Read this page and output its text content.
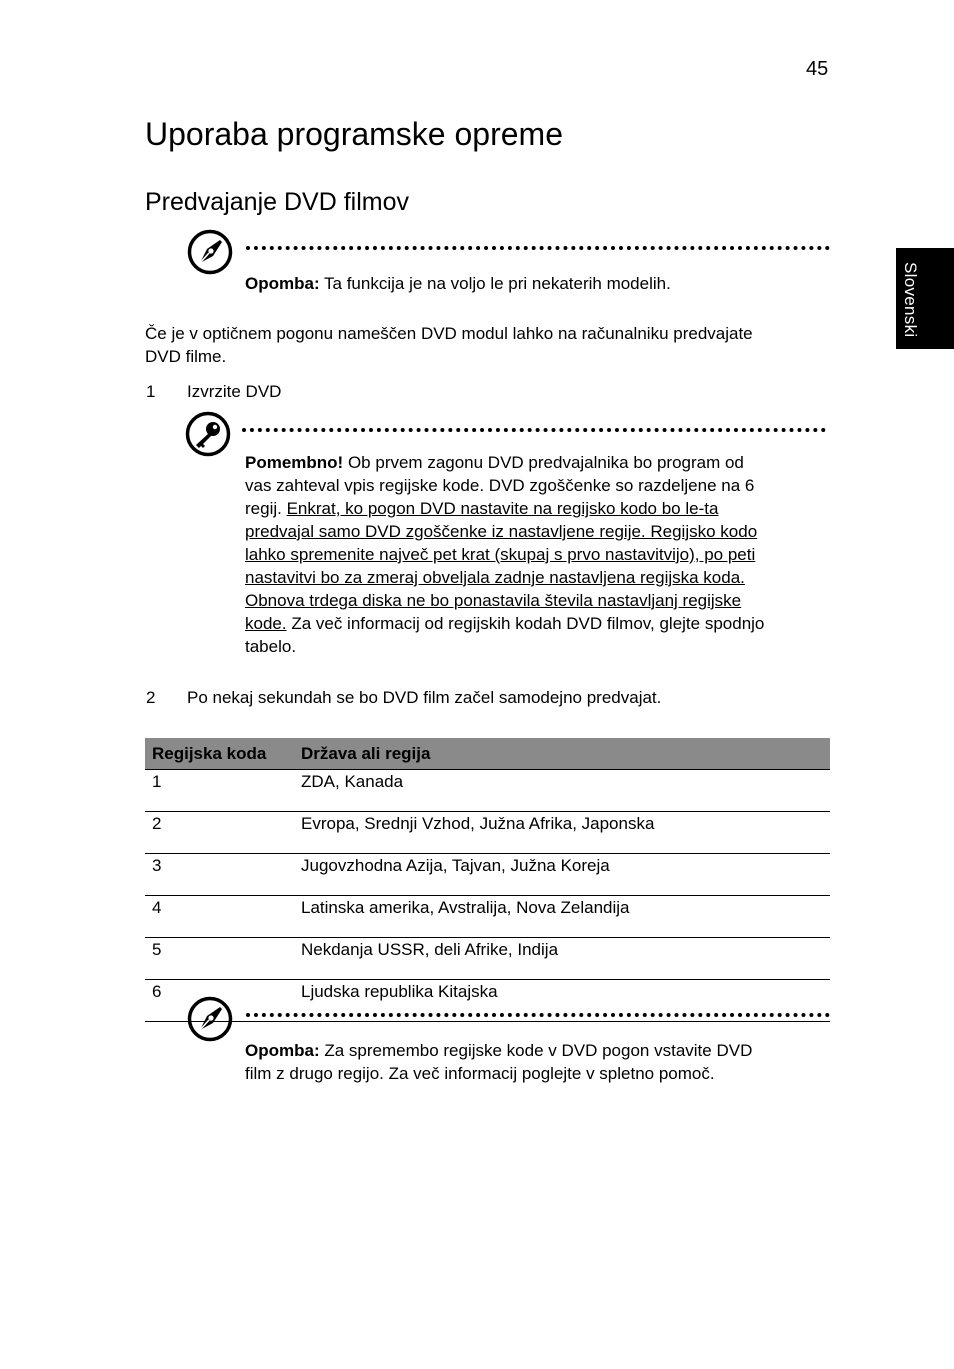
45
Slovenski
Uporaba programske opreme
Predvajanje DVD filmov
Opomba: Ta funkcija je na voljo le pri nekaterih modelih.
Če je v optičnem pogonu nameščen DVD modul lahko na računalniku predvajate
DVD filme.
1 Izvrzite DVD
Pomembno! Ob prvem zagonu DVD predvajalnika bo program od
vas zahteval vpis regijske kode. DVD zgoščenke so razdeljene na 6
regij. Enkrat, ko pogon DVD nastavite na regijsko kodo bo le-ta
predvajal samo DVD zgoščenke iz nastavljene regije. Regijsko kodo
lahko spremenite največ pet krat (skupaj s prvo nastavitvijo), po peti
nastavitvi bo za zmeraj obveljala zadnje nastavljena regijska koda.
Obnova trdega diska ne bo ponastavila števila nastavljanj regijske
kode. Za več informacij od regijskih kodah DVD filmov, glejte spodnjo
tabelo.
2 Po nekaj sekundah se bo DVD film začel samodejno predvajat.
Regijska koda	Država ali regija
1	ZDA, Kanada
2	Evropa, Srednji Vzhod, Južna Afrika, Japonska
3	Jugovzhodna Azija, Tajvan, Južna Koreja
4	Latinska amerika, Avstralija, Nova Zelandija
5	Nekdanja USSR, deli Afrike, Indija
6	Ljudska republika Kitajska
Opomba: Za spremembo regijske kode v DVD pogon vstavite DVD
film z drugo regijo. Za več informacij poglejte v spletno pomoč.
